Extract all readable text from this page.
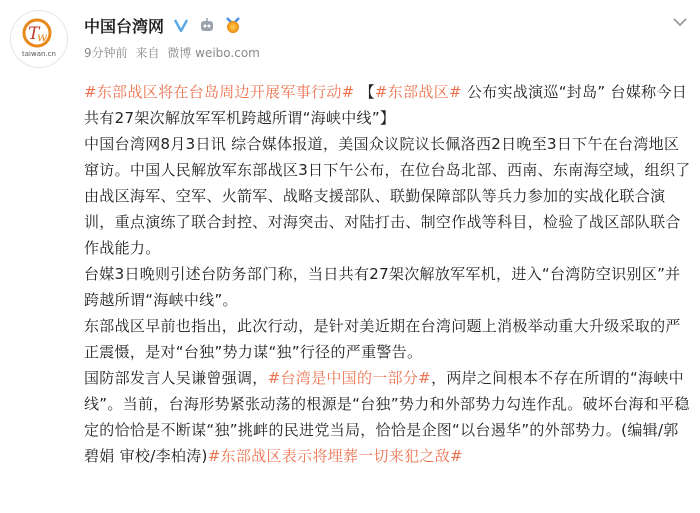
T
w
taiwan.cn
中国台湾网
9分钟前 来自 微博 weibo.com

#东部战区将在台岛周边开展军事行动# 【#东部战区# 公布实战演巡“封岛” 台媒称今日共有27架次解放军军机跨越所谓“海峡中线”】

中国台湾网8月3日讯 综合媒体报道，美国众议院议长佩洛西2日晚至3日下午在台湾地区窜访。中国人民解放军东部战区3日下午公布，在位台岛北部、西南、东南海空域，组织了由战区海军、空军、火箭军、战略支援部队、联勤保障部队等兵力参加的实战化联合演训，重点演练了联合封控、对海突击、对陆打击、制空作战等科目，检验了战区部队联合作战能力。

台媒3日晚则引述台防务部门称，当日共有27架次解放军军机，进入“台湾防空识别区”并跨越所谓“海峡中线”。

东部战区早前也指出，此次行动，是针对美近期在台湾问题上消极举动重大升级采取的严正震慑，是对“台独”势力谋“独”行径的严重警告。

国防部发言人吴谦曾强调，#台湾是中国的一部分#，两岸之间根本不存在所谓的“海峡中线”。当前，台海形势紧张动荡的根源是“台独”势力和外部势力勾连作乱。破坏台海和平稳定的恰恰是不断谋“独”挑衅的民进党当局，恰恰是企图“以台遏华”的外部势力。(编辑/郭碧娟 审校/李柏涛)#东部战区表示将埋葬一切来犯之敌#
